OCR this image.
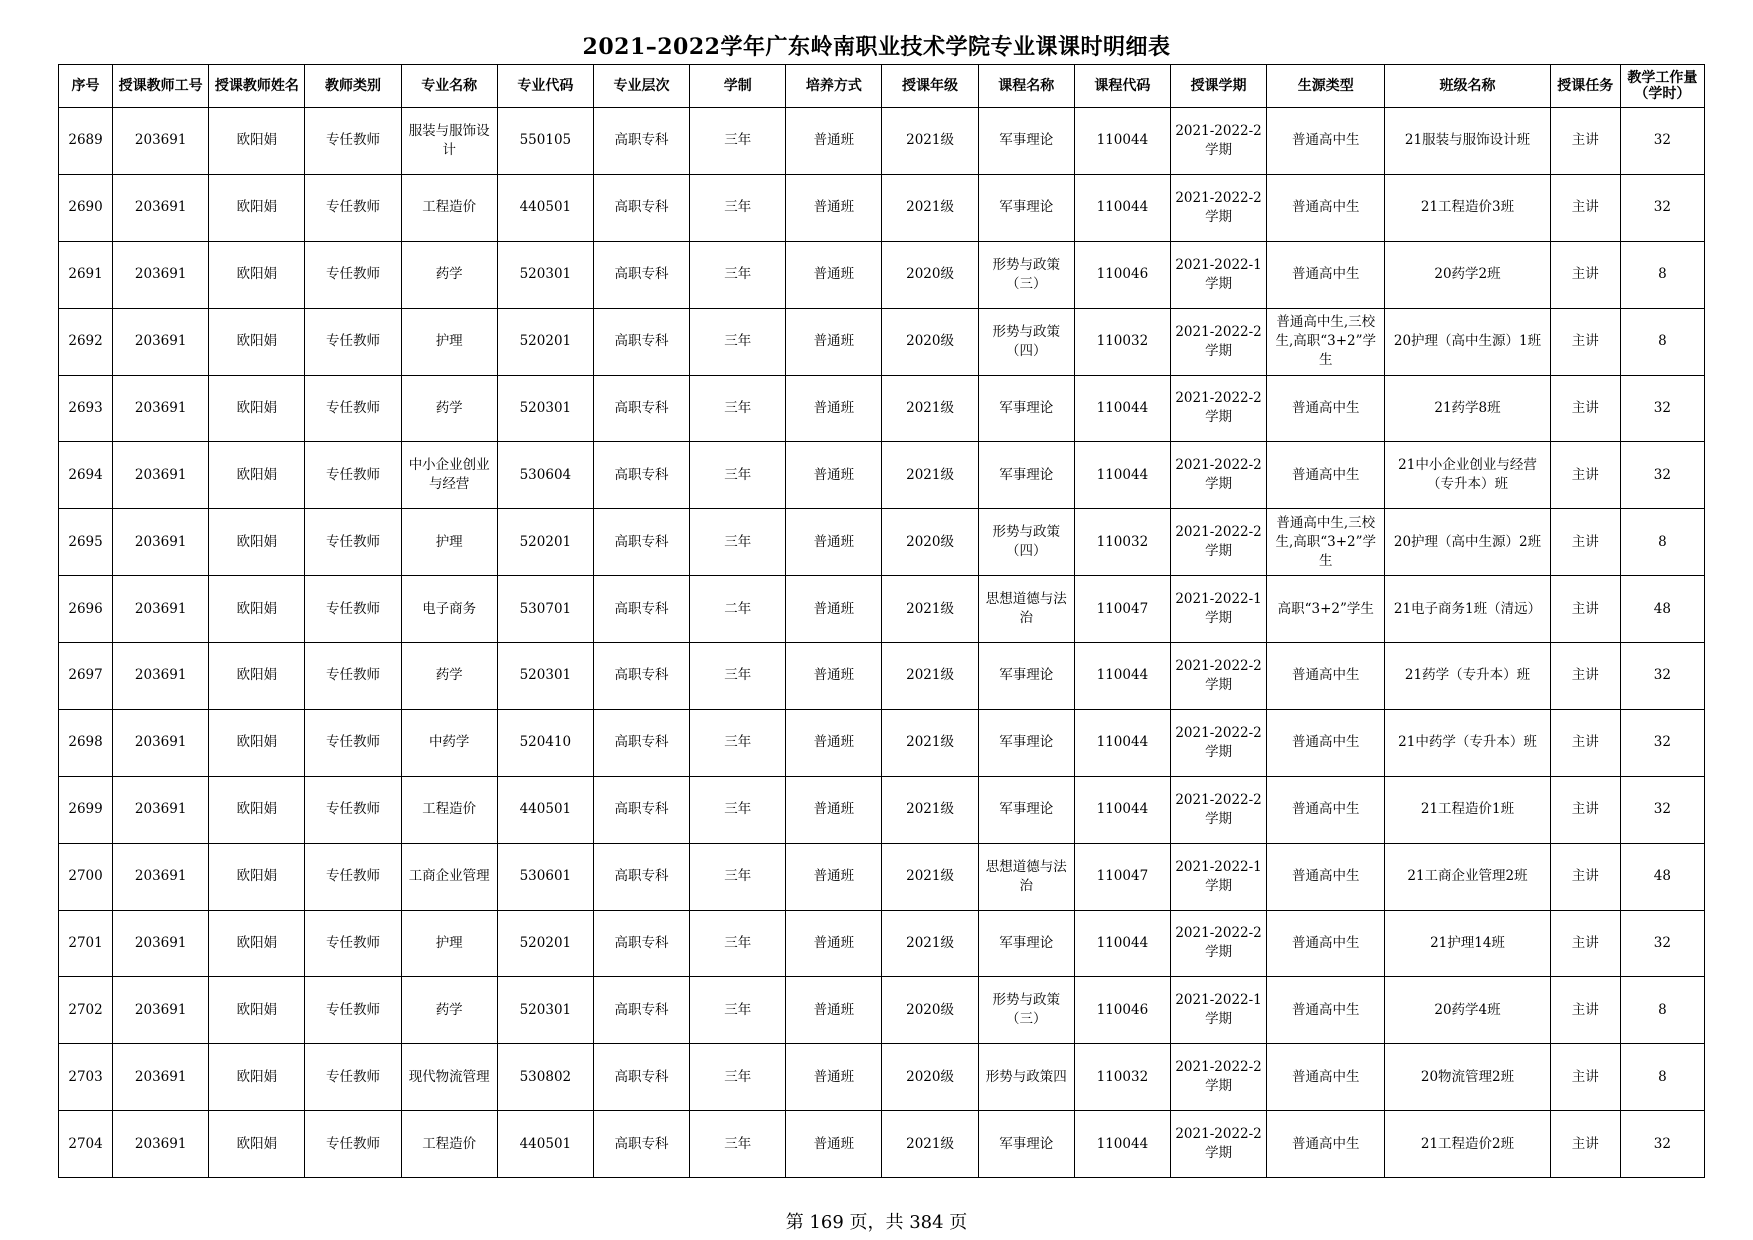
2021–2022学年广东岭南职业技术学院专业课课时明细表
序号	授课教师工号	授课教师姓名	教师类别	专业名称	专业代码	专业层次	学制	培养方式	授课年级	课程名称	课程代码	授课学期	生源类型	班级名称	授课任务	教学工作量（学时）
2689	203691	欧阳娟	专任教师	服装与服饰设计	550105	高职专科	三年	普通班	2021级	军事理论	110044	2021-2022-2学期	普通高中生	21服装与服饰设计班	主讲	32
2690	203691	欧阳娟	专任教师	工程造价	440501	高职专科	三年	普通班	2021级	军事理论	110044	2021-2022-2学期	普通高中生	21工程造价3班	主讲	32
2691	203691	欧阳娟	专任教师	药学	520301	高职专科	三年	普通班	2020级	形势与政策（三）	110046	2021-2022-1学期	普通高中生	20药学2班	主讲	8
2692	203691	欧阳娟	专任教师	护理	520201	高职专科	三年	普通班	2020级	形势与政策（四）	110032	2021-2022-2学期	普通高中生,三校生,高职“3+2”学生	20护理（高中生源）1班	主讲	8
2693	203691	欧阳娟	专任教师	药学	520301	高职专科	三年	普通班	2021级	军事理论	110044	2021-2022-2学期	普通高中生	21药学8班	主讲	32
2694	203691	欧阳娟	专任教师	中小企业创业与经营	530604	高职专科	三年	普通班	2021级	军事理论	110044	2021-2022-2学期	普通高中生	21中小企业创业与经营（专升本）班	主讲	32
2695	203691	欧阳娟	专任教师	护理	520201	高职专科	三年	普通班	2020级	形势与政策（四）	110032	2021-2022-2学期	普通高中生,三校生,高职“3+2”学生	20护理（高中生源）2班	主讲	8
2696	203691	欧阳娟	专任教师	电子商务	530701	高职专科	二年	普通班	2021级	思想道德与法治	110047	2021-2022-1学期	高职“3+2”学生	21电子商务1班（清远）	主讲	48
2697	203691	欧阳娟	专任教师	药学	520301	高职专科	三年	普通班	2021级	军事理论	110044	2021-2022-2学期	普通高中生	21药学（专升本）班	主讲	32
2698	203691	欧阳娟	专任教师	中药学	520410	高职专科	三年	普通班	2021级	军事理论	110044	2021-2022-2学期	普通高中生	21中药学（专升本）班	主讲	32
2699	203691	欧阳娟	专任教师	工程造价	440501	高职专科	三年	普通班	2021级	军事理论	110044	2021-2022-2学期	普通高中生	21工程造价1班	主讲	32
2700	203691	欧阳娟	专任教师	工商企业管理	530601	高职专科	三年	普通班	2021级	思想道德与法治	110047	2021-2022-1学期	普通高中生	21工商企业管理2班	主讲	48
2701	203691	欧阳娟	专任教师	护理	520201	高职专科	三年	普通班	2021级	军事理论	110044	2021-2022-2学期	普通高中生	21护理14班	主讲	32
2702	203691	欧阳娟	专任教师	药学	520301	高职专科	三年	普通班	2020级	形势与政策（三）	110046	2021-2022-1学期	普通高中生	20药学4班	主讲	8
2703	203691	欧阳娟	专任教师	现代物流管理	530802	高职专科	三年	普通班	2020级	形势与政策四	110032	2021-2022-2学期	普通高中生	20物流管理2班	主讲	8
2704	203691	欧阳娟	专任教师	工程造价	440501	高职专科	三年	普通班	2021级	军事理论	110044	2021-2022-2学期	普通高中生	21工程造价2班	主讲	32
第 169 页，共 384 页
